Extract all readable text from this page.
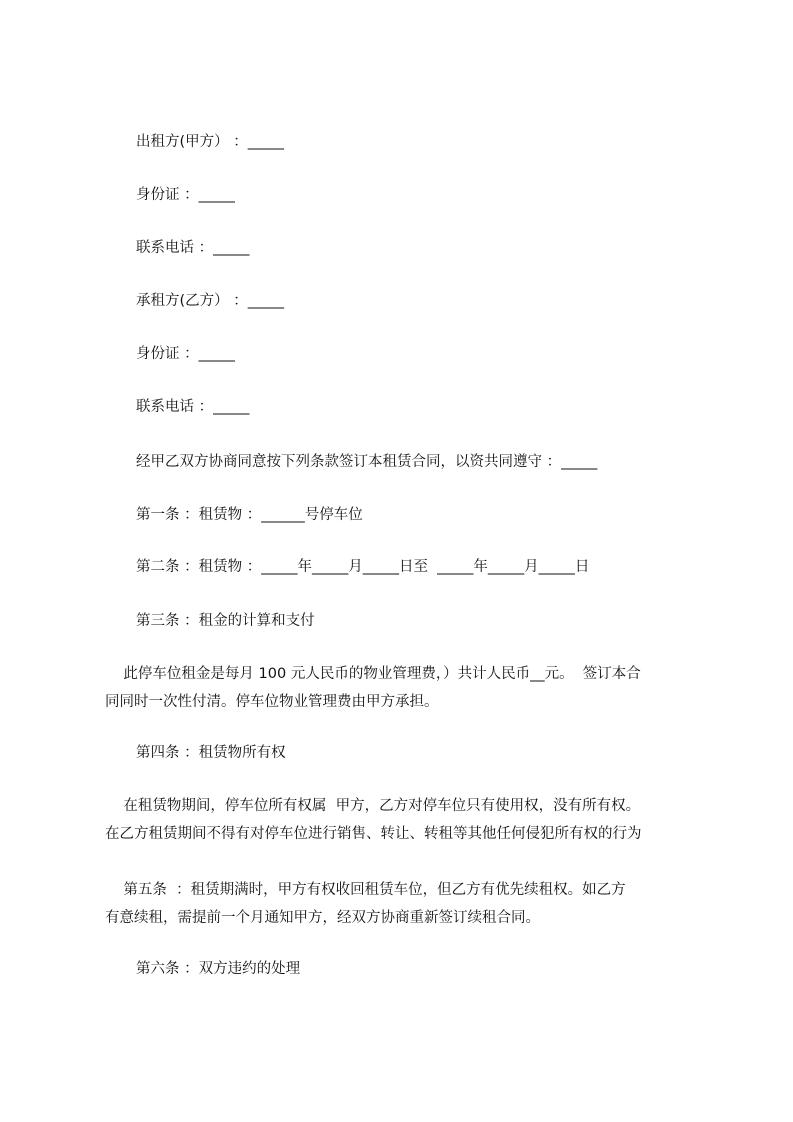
出租方(甲方） ：_____

身份证 ：_____

联系电话 ：_____

承租方(乙方） ：_____

身份证 ：_____

联系电话 ：_____

经甲乙双方协商同意按下列条款签订本租赁合同，以资共同遵守 ：_____

第一条 ：租赁物 ：______号停车位

第二条 ：租赁物 ：_____年_____月_____日至  _____年_____月_____日

第三条 ：租金的计算和支付

此停车位租金是每月 100 元人民币的物业管理费，）共计人民币__元。  签订本合
同同时一次性付清。停车位物业管理费由甲方承担。

第四条 ：租赁物所有权

在租赁物期间，停车位所有权属  甲方，乙方对停车位只有使用权，没有所有权。
在乙方租赁期间不得有对停车位进行销售、转让、转租等其他任何侵犯所有权的行为
第五条  ：租赁期满时，甲方有权收回租赁车位，但乙方有优先续租权。如乙方
有意续租，需提前一个月通知甲方，经双方协商重新签订续租合同。

第六条 ：双方违约的处理
